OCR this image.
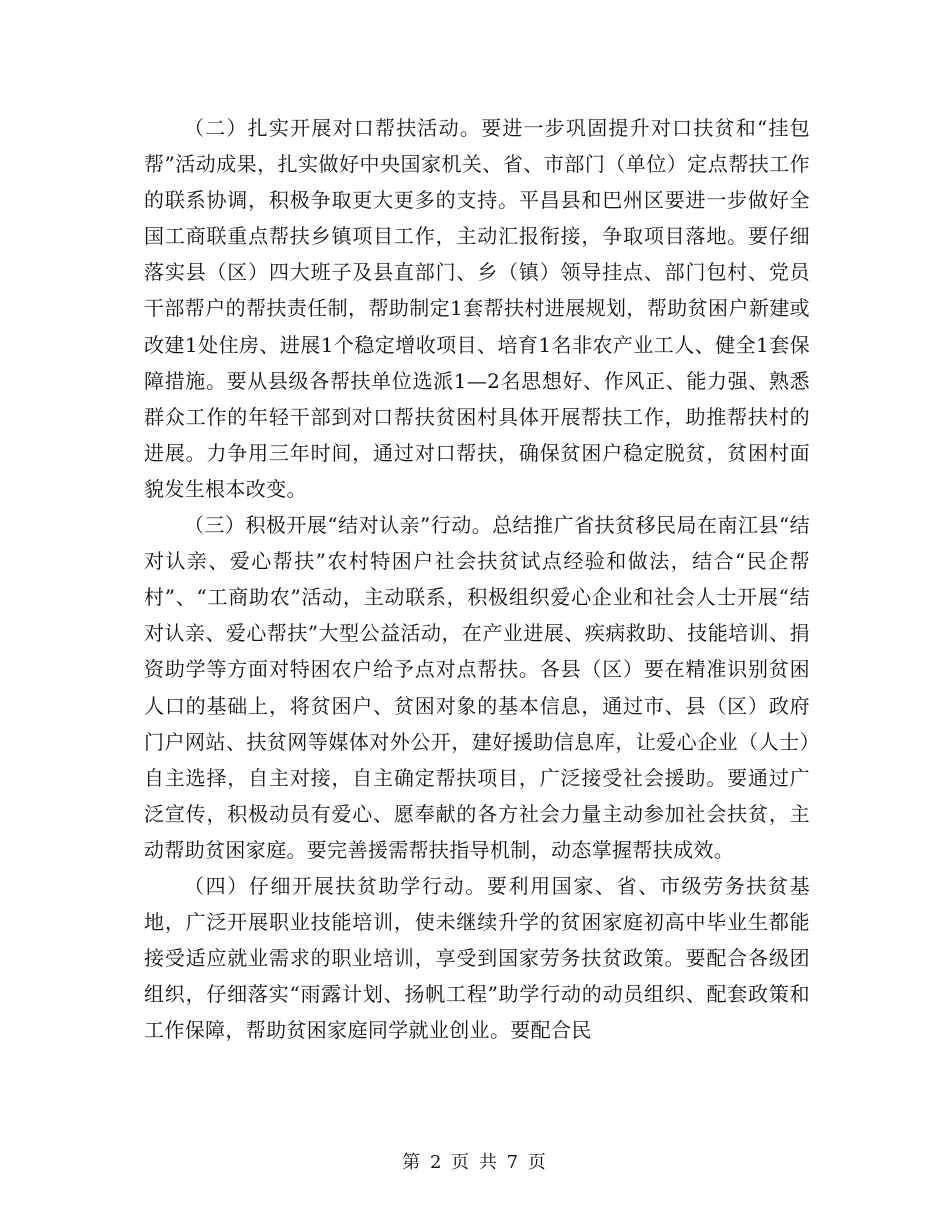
（二）扎实开展对口帮扶活动。要进一步巩固提升对口扶贫和“挂包帮”活动成果，扎实做好中央国家机关、省、市部门（单位）定点帮扶工作的联系协调，积极争取更大更多的支持。平昌县和巴州区要进一步做好全国工商联重点帮扶乡镇项目工作，主动汇报衔接，争取项目落地。要仔细落实县（区）四大班子及县直部门、乡（镇）领导挂点、部门包村、党员干部帮户的帮扶责任制，帮助制定1套帮扶村进展规划，帮助贫困户新建或改建1处住房、进展1个稳定增收项目、培育1名非农产业工人、健全1套保障措施。要从县级各帮扶单位选派1—2名思想好、作风正、能力强、熟悉群众工作的年轻干部到对口帮扶贫困村具体开展帮扶工作，助推帮扶村的进展。力争用三年时间，通过对口帮扶，确保贫困户稳定脱贫，贫困村面貌发生根本改变。

（三）积极开展“结对认亲”行动。总结推广省扶贫移民局在南江县“结对认亲、爱心帮扶”农村特困户社会扶贫试点经验和做法，结合“民企帮村”、“工商助农”活动，主动联系，积极组织爱心企业和社会人士开展“结对认亲、爱心帮扶”大型公益活动，在产业进展、疾病救助、技能培训、捐资助学等方面对特困农户给予点对点帮扶。各县（区）要在精准识别贫困人口的基础上，将贫困户、贫困对象的基本信息，通过市、县（区）政府门户网站、扶贫网等媒体对外公开，建好援助信息库，让爱心企业（人士）自主选择，自主对接，自主确定帮扶项目，广泛接受社会援助。要通过广泛宣传，积极动员有爱心、愿奉献的各方社会力量主动参加社会扶贫，主动帮助贫困家庭。要完善援需帮扶指导机制，动态掌握帮扶成效。

（四）仔细开展扶贫助学行动。要利用国家、省、市级劳务扶贫基地，广泛开展职业技能培训，使未继续升学的贫困家庭初高中毕业生都能接受适应就业需求的职业培训，享受到国家劳务扶贫政策。要配合各级团组织，仔细落实“雨露计划、扬帆工程”助学行动的动员组织、配套政策和工作保障，帮助贫困家庭同学就业创业。要配合民

第 2 页 共 7 页
